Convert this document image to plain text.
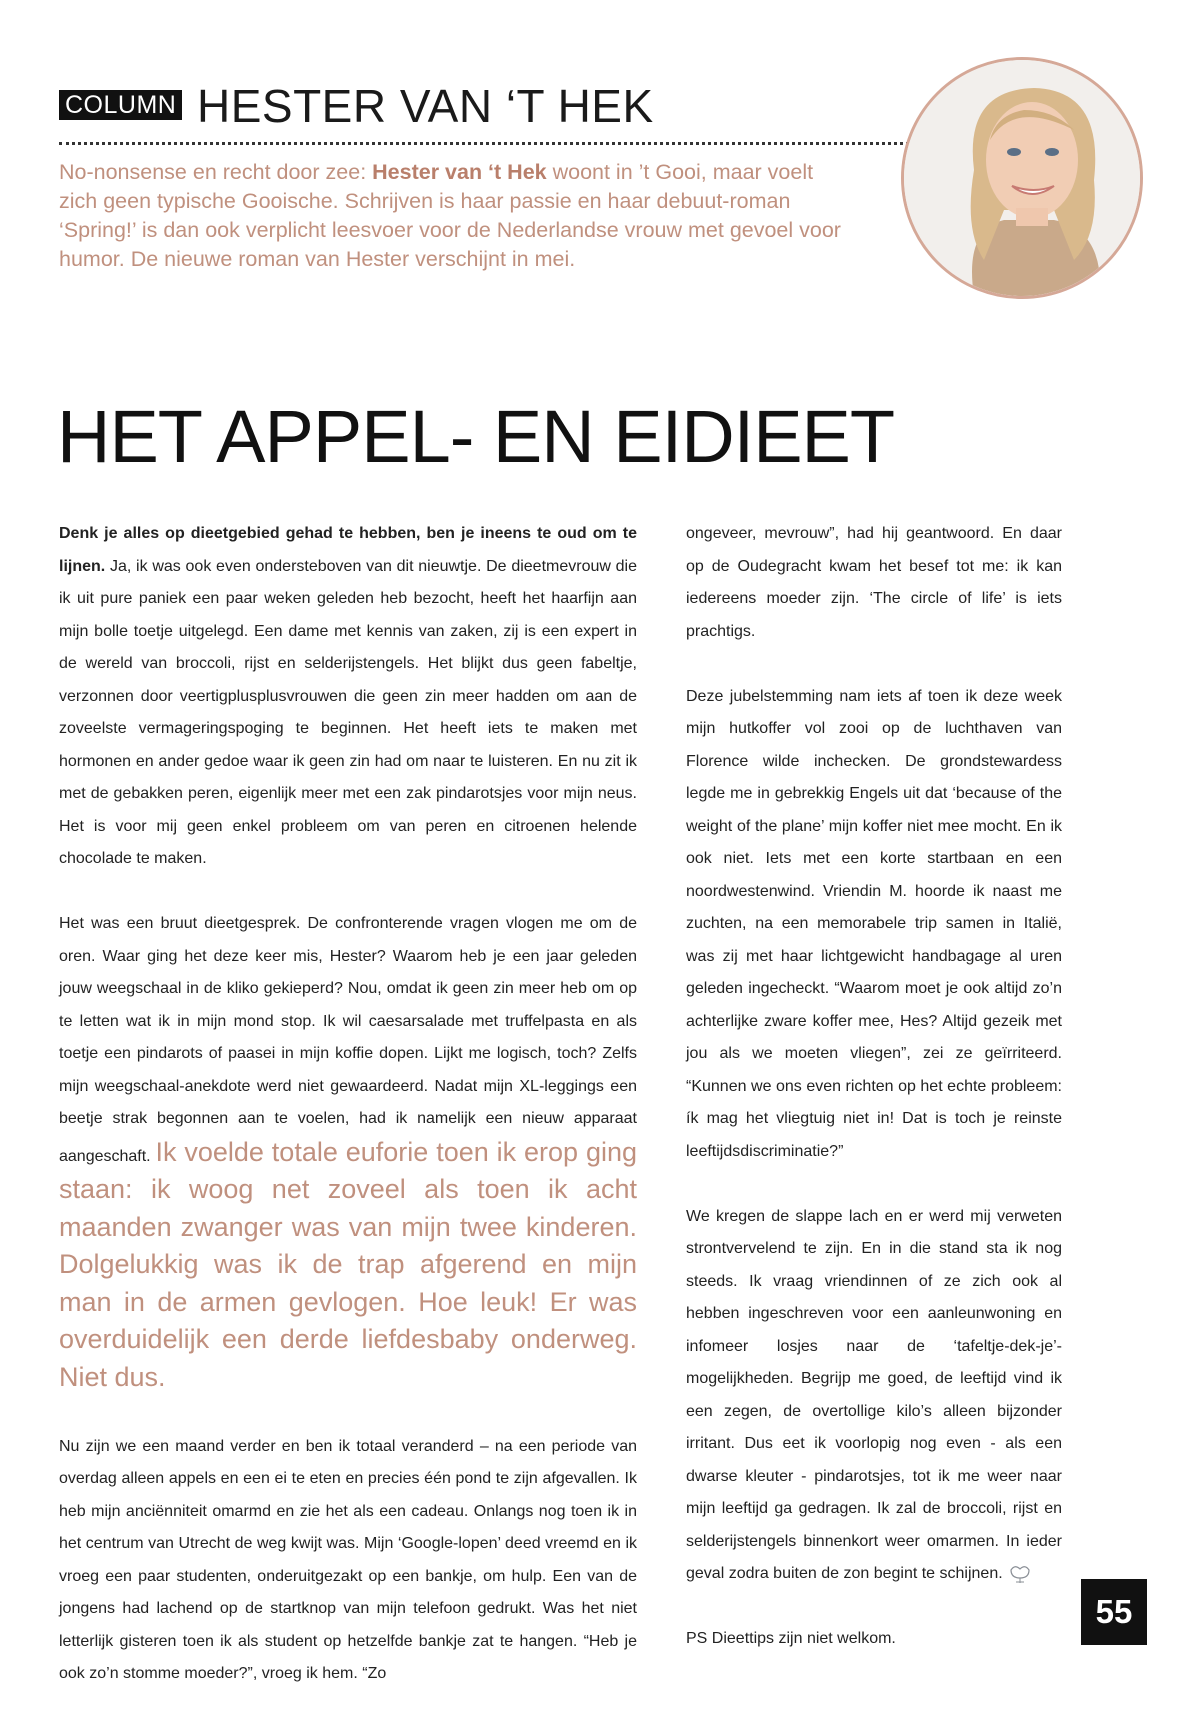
COLUMN HESTER VAN ‘T HEK
No-nonsense en recht door zee: Hester van ‘t Hek woont in ’t Gooi, maar voelt zich geen typische Gooische. Schrijven is haar passie en haar debuut-roman ‘Spring!’ is dan ook verplicht leesvoer voor de Nederlandse vrouw met gevoel voor humor. De nieuwe roman van Hester verschijnt in mei.
HET APPEL- EN EIDIEET

Denk je alles op dieetgebied gehad te hebben, ben je ineens te oud om te lijnen. Ja, ik was ook even ondersteboven van dit nieuwtje. De dieetmevrouw die ik uit pure paniek een paar weken geleden heb bezocht, heeft het haarfijn aan mijn bolle toetje uitgelegd. Een dame met kennis van zaken, zij is een expert in de wereld van broccoli, rijst en selderijstengels. Het blijkt dus geen fabeltje, verzonnen door veertigplusplusvrouwen die geen zin meer hadden om aan de zoveelste vermageringspoging te beginnen. Het heeft iets te maken met hormonen en ander gedoe waar ik geen zin had om naar te luisteren. En nu zit ik met de gebakken peren, eigenlijk meer met een zak pindarotsjes voor mijn neus. Het is voor mij geen enkel probleem om van peren en citroenen helende chocolade te maken.

Het was een bruut dieetgesprek. De confronterende vragen vlogen me om de oren. Waar ging het deze keer mis, Hester? Waarom heb je een jaar geleden jouw weegschaal in de kliko gekieperd? Nou, omdat ik geen zin meer heb om op te letten wat ik in mijn mond stop. Ik wil caesarsalade met truffelpasta en als toetje een pindarots of paasei in mijn koffie dopen. Lijkt me logisch, toch? Zelfs mijn weegschaal-anekdote werd niet gewaardeerd. Nadat mijn XL-leggings een beetje strak begonnen aan te voelen, had ik namelijk een nieuw apparaat aangeschaft. Ik voelde totale euforie toen ik erop ging staan: ik woog net zoveel als toen ik acht maanden zwanger was van mijn twee kinderen. Dolgelukkig was ik de trap afgerend en mijn man in de armen gevlogen. Hoe leuk! Er was overduidelijk een derde liefdesbaby onderweg. Niet dus.

Nu zijn we een maand verder en ben ik totaal veranderd – na een periode van overdag alleen appels en een ei te eten en precies één pond te zijn afgevallen. Ik heb mijn anciënniteit omarmd en zie het als een cadeau. Onlangs nog toen ik in het centrum van Utrecht de weg kwijt was. Mijn ‘Google-lopen’ deed vreemd en ik vroeg een paar studenten, onderuitgezakt op een bankje, om hulp. Een van de jongens had lachend op de startknop van mijn telefoon gedrukt. Was het niet letterlijk gisteren toen ik als student op hetzelfde bankje zat te hangen. “Heb je ook zo’n stomme moeder?”, vroeg ik hem. “Zo

ongeveer, mevrouw”, had hij geantwoord. En daar op de Oudegracht kwam het besef tot me: ik kan iedereens moeder zijn. ‘The circle of life’ is iets prachtigs.

Deze jubelstemming nam iets af toen ik deze week mijn hutkoffer vol zooi op de luchthaven van Florence wilde inchecken. De grondstewardess legde me in gebrekkig Engels uit dat ‘because of the weight of the plane’ mijn koffer niet mee mocht. En ik ook niet. Iets met een korte startbaan en een noordwestenwind. Vriendin M. hoorde ik naast me zuchten, na een memorabele trip samen in Italië, was zij met haar lichtgewicht handbagage al uren geleden ingecheckt. “Waarom moet je ook altijd zo’n achterlijke zware koffer mee, Hes? Altijd gezeik met jou als we moeten vliegen”, zei ze geïrriteerd. “Kunnen we ons even richten op het echte probleem: ík mag het vliegtuig niet in! Dat is toch je reinste leeftijdsdiscriminatie?”

We kregen de slappe lach en er werd mij verweten strontvervelend te zijn. En in die stand sta ik nog steeds. Ik vraag vriendinnen of ze zich ook al hebben ingeschreven voor een aanleunwoning en infomeer losjes naar de ‘tafeltje-dek-je’-mogelijkheden. Begrijp me goed, de leeftijd vind ik een zegen, de overtollige kilo’s alleen bijzonder irritant. Dus eet ik voorlopig nog even - als een dwarse kleuter - pindarotsjes, tot ik me weer naar mijn leeftijd ga gedragen. Ik zal de broccoli, rijst en selderijstengels binnenkort weer omarmen. In ieder geval zodra buiten de zon begint te schijnen.

PS Dieettips zijn niet welkom.

55
